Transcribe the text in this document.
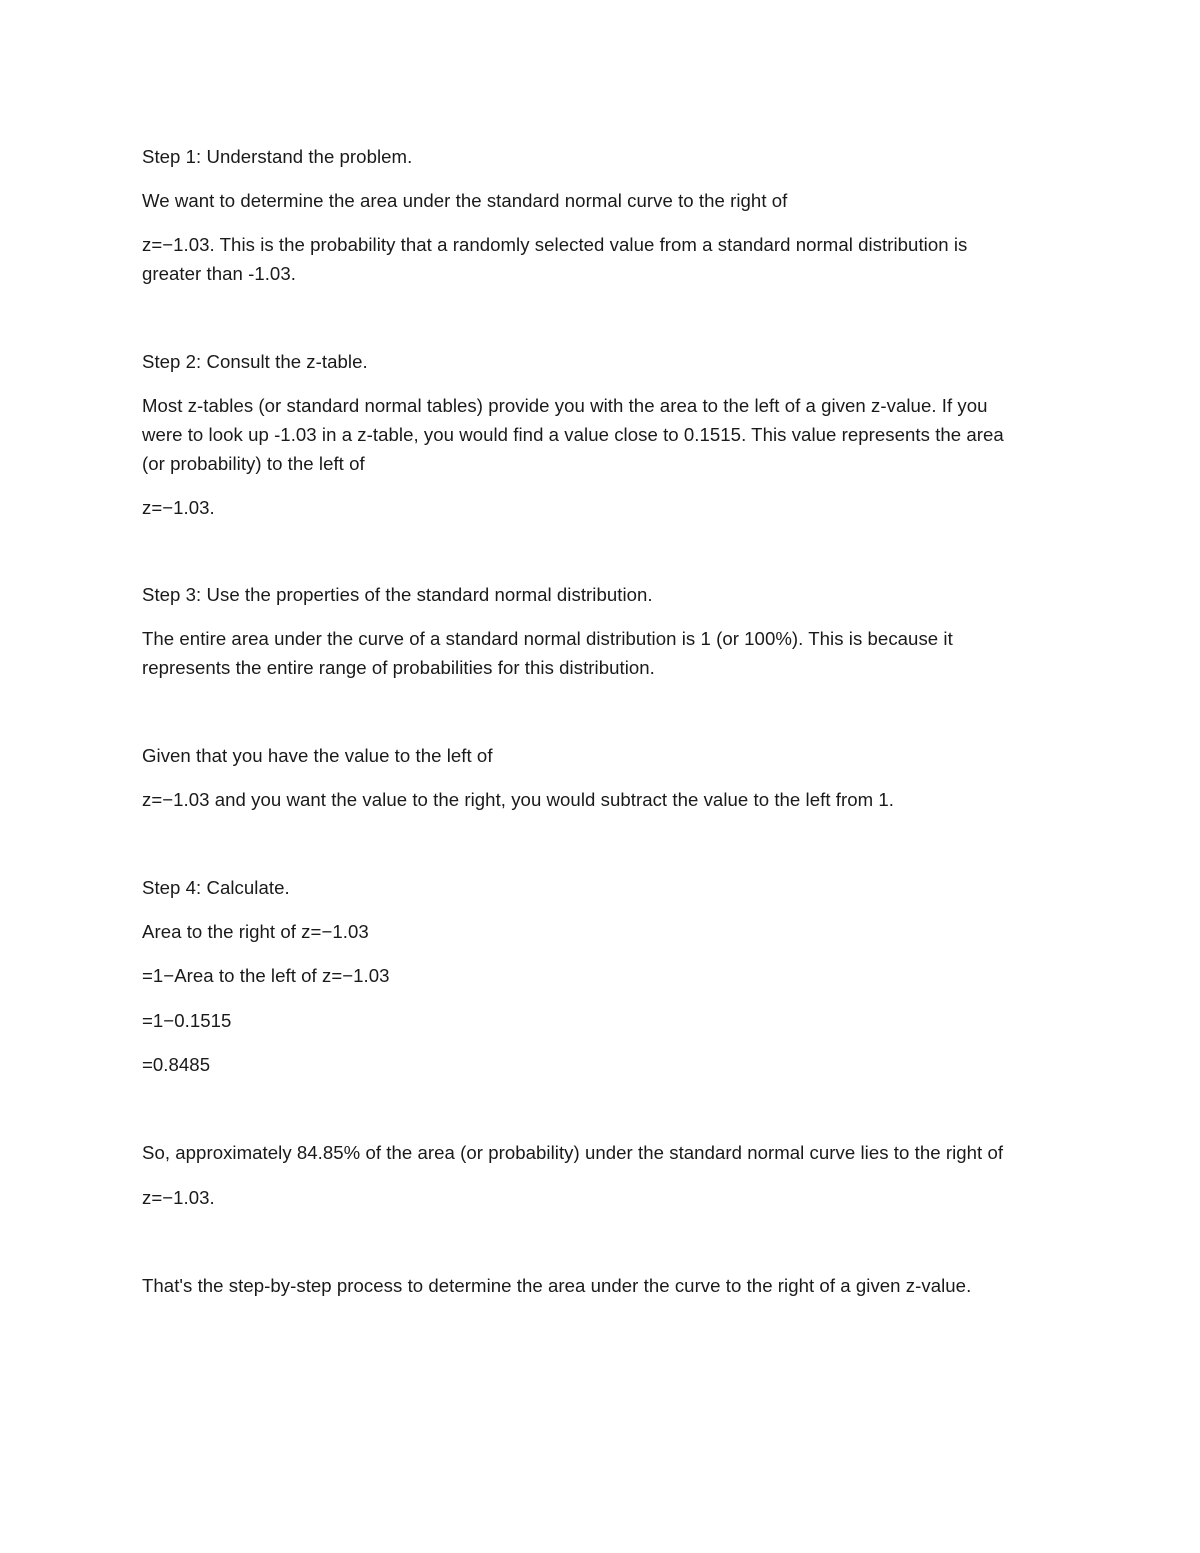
Step 1: Understand the problem.

We want to determine the area under the standard normal curve to the right of

z=−1.03. This is the probability that a randomly selected value from a standard normal distribution is

greater than -1.03.

Step 2: Consult the z-table.

Most z-tables (or standard normal tables) provide you with the area to the left of a given z-value. If you

were to look up -1.03 in a z-table, you would find a value close to 0.1515. This value represents the area

(or probability) to the left of

z=−1.03.

Step 3: Use the properties of the standard normal distribution.

The entire area under the curve of a standard normal distribution is 1 (or 100%). This is because it

represents the entire range of probabilities for this distribution.

Given that you have the value to the left of

z=−1.03 and you want the value to the right, you would subtract the value to the left from 1.

Step 4: Calculate.

Area to the right of z=−1.03

=1−Area to the left of z=−1.03

=1−0.1515

=0.8485

So, approximately 84.85% of the area (or probability) under the standard normal curve lies to the right of

z=−1.03.

That's the step-by-step process to determine the area under the curve to the right of a given z-value.
